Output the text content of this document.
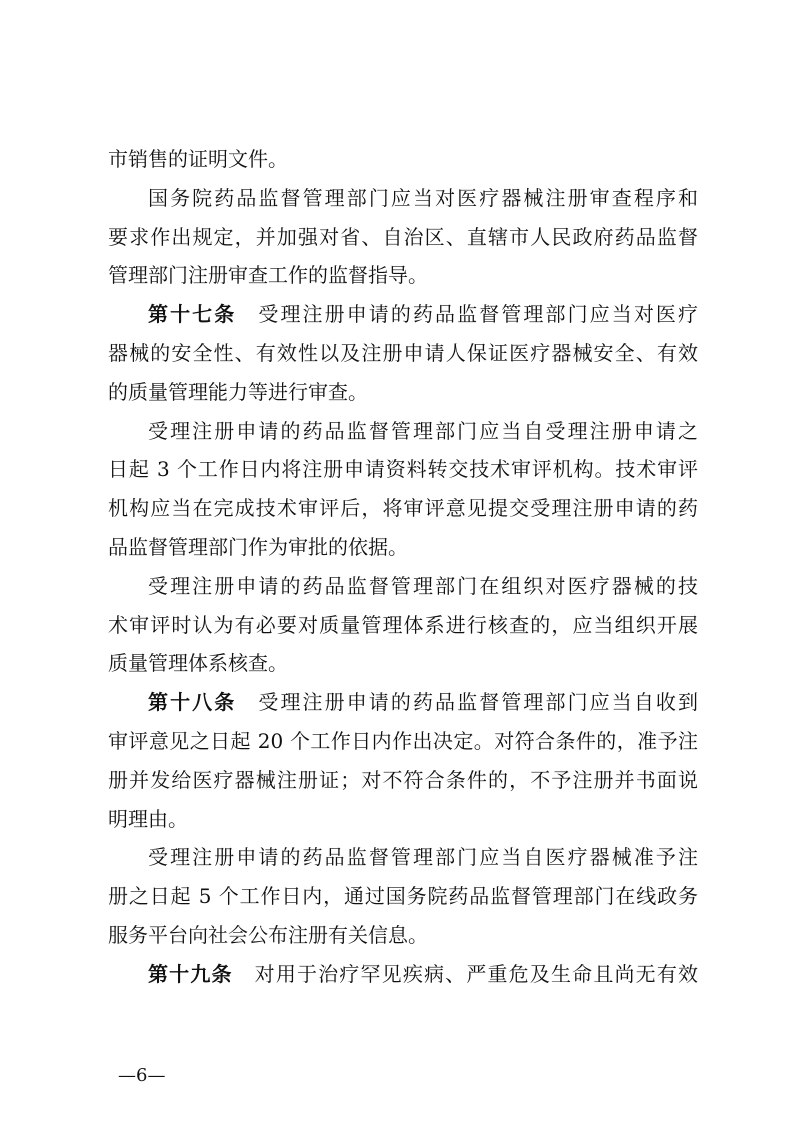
市销售的证明文件。
国务院药品监督管理部门应当对医疗器械注册审查程序和
要求作出规定，并加强对省、自治区、直辖市人民政府药品监督
管理部门注册审查工作的监督指导。
第十七条 受理注册申请的药品监督管理部门应当对医疗
器械的安全性、有效性以及注册申请人保证医疗器械安全、有效
的质量管理能力等进行审查。
受理注册申请的药品监督管理部门应当自受理注册申请之
日起 3 个工作日内将注册申请资料转交技术审评机构。技术审评
机构应当在完成技术审评后，将审评意见提交受理注册申请的药
品监督管理部门作为审批的依据。
受理注册申请的药品监督管理部门在组织对医疗器械的技
术审评时认为有必要对质量管理体系进行核查的，应当组织开展
质量管理体系核查。
第十八条 受理注册申请的药品监督管理部门应当自收到
审评意见之日起 20 个工作日内作出决定。对符合条件的，准予注
册并发给医疗器械注册证；对不符合条件的，不予注册并书面说
明理由。
受理注册申请的药品监督管理部门应当自医疗器械准予注
册之日起 5 个工作日内，通过国务院药品监督管理部门在线政务
服务平台向社会公布注册有关信息。
第十九条 对用于治疗罕见疾病、严重危及生命且尚无有效
—6—
